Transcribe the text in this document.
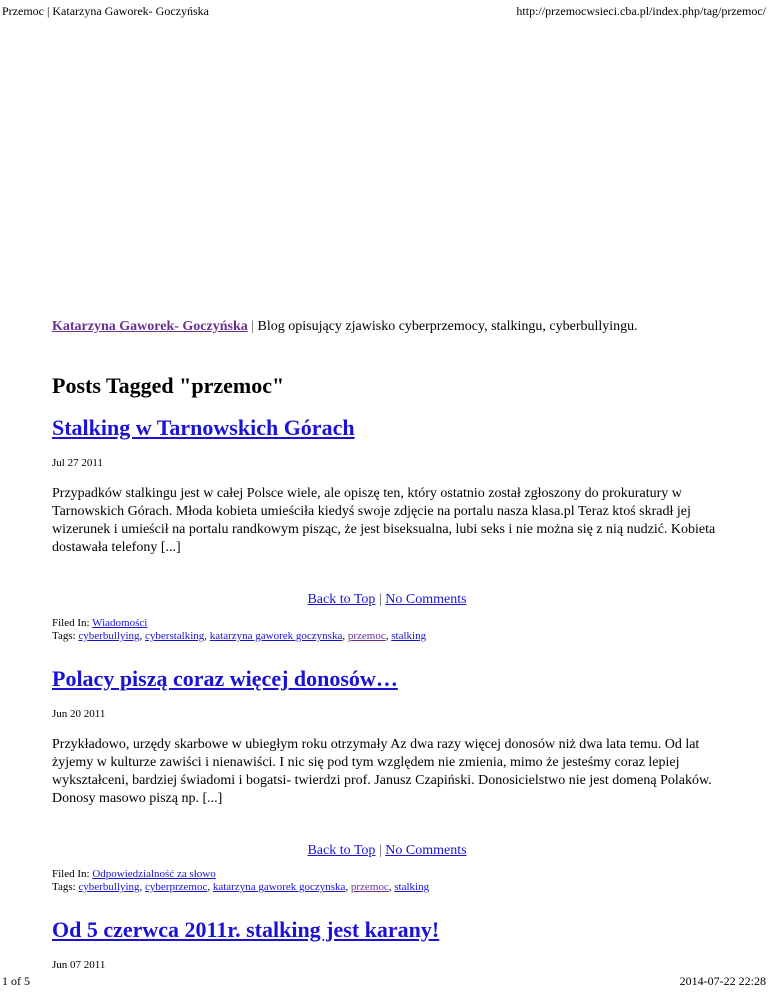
Przemoc | Katarzyna Gaworek- Goczyńska	http://przemocwsieci.cba.pl/index.php/tag/przemoc/

Katarzyna Gaworek- Goczyńska | Blog opisujący zjawisko cyberprzemocy, stalkingu, cyberbullyingu.

Posts Tagged "przemoc"
Stalking w Tarnowskich Górach

Jul 27 2011

Przypadków stalkingu jest w całej Polsce wiele, ale opiszę ten, który ostatnio został zgłoszony do prokuratury w Tarnowskich Górach. Młoda kobieta umieściła kiedyś swoje zdjęcie na portalu nasza klasa.pl Teraz ktoś skradł jej wizerunek i umieścił na portalu randkowym pisząc, że jest biseksualna, lubi seks i nie można się z nią nudzić. Kobieta dostawała telefony [...]

Back to Top | No Comments

Filed In: Wiadomości

Tags: cyberbullying, cyberstalking, katarzyna gaworek goczynska, przemoc, stalking

Polacy piszą coraz więcej donosów…

Jun 20 2011

Przykładowo, urzędy skarbowe w ubiegłym roku otrzymały Az dwa razy więcej donosów niż dwa lata temu. Od lat żyjemy w kulturze zawiści i nienawiści. I nic się pod tym względem nie zmienia, mimo że jesteśmy coraz lepiej wykształceni, bardziej świadomi i bogatsi- twierdzi prof. Janusz Czapiński. Donosicielstwo nie jest domeną Polaków. Donosy masowo piszą np. [...]

Back to Top | No Comments

Filed In: Odpowiedzialność za słowo

Tags: cyberbullying, cyberprzemoc, katarzyna gaworek goczynska, przemoc, stalking

Od 5 czerwca 2011r. stalking jest karany!

Jun 07 2011

1 of 5	2014-07-22 22:28
